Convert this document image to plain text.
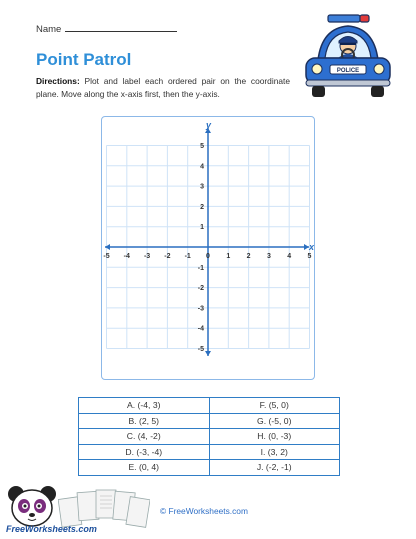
Name
Point Patrol
Directions: Plot and label each ordered pair on the coordinate plane. Move along the x-axis first, then the y-axis.
POLICE
x
y
-5 -4 -3 -2 -1 0 1 2 3 4 5
5
4
3
2
1
-1
-2
-3
-4
-5
A. (-4, 3)	F. (5, 0)
B. (2, 5)	G. (-5, 0)
C. (4, -2)	H. (0, -3)
D. (-3, -4)	I. (3, 2)
E. (0, 4)	J. (-2, -1)
FreeWorksheets.com
© FreeWorksheets.com
